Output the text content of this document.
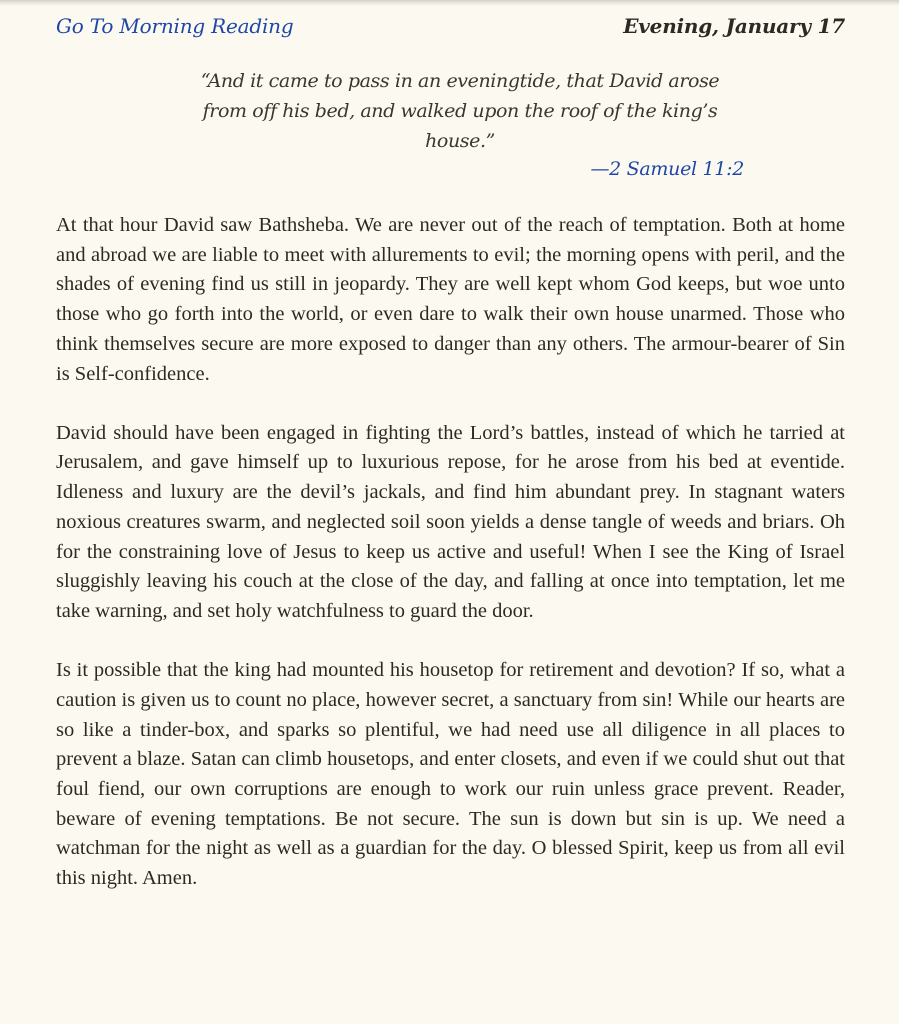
Go To Morning Reading	Evening, January 17

“And it came to pass in an eveningtide, that David arose from off his bed, and walked upon the roof of the king’s house.”

—2 Samuel 11:2

At that hour David saw Bathsheba. We are never out of the reach of temptation. Both at home and abroad we are liable to meet with allurements to evil; the morning opens with peril, and the shades of evening find us still in jeopardy. They are well kept whom God keeps, but woe unto those who go forth into the world, or even dare to walk their own house unarmed. Those who think themselves secure are more exposed to danger than any others. The armour-bearer of Sin is Self-confidence.

David should have been engaged in fighting the Lord’s battles, instead of which he tarried at Jerusalem, and gave himself up to luxurious repose, for he arose from his bed at eventide. Idleness and luxury are the devil’s jackals, and find him abundant prey. In stagnant waters noxious creatures swarm, and neglected soil soon yields a dense tangle of weeds and briars. Oh for the constraining love of Jesus to keep us active and useful! When I see the King of Israel sluggishly leaving his couch at the close of the day, and falling at once into temptation, let me take warning, and set holy watchfulness to guard the door.

Is it possible that the king had mounted his housetop for retirement and devotion? If so, what a caution is given us to count no place, however secret, a sanctuary from sin! While our hearts are so like a tinder-box, and sparks so plentiful, we had need use all diligence in all places to prevent a blaze. Satan can climb housetops, and enter closets, and even if we could shut out that foul fiend, our own corruptions are enough to work our ruin unless grace prevent. Reader, beware of evening temptations. Be not secure. The sun is down but sin is up. We need a watchman for the night as well as a guardian for the day. O blessed Spirit, keep us from all evil this night. Amen.
